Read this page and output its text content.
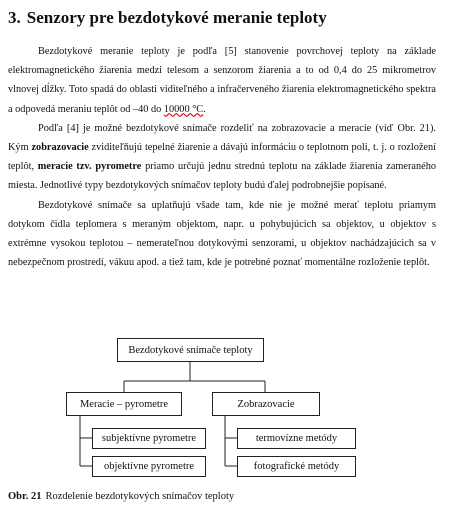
3. Senzory pre bezdotykové meranie teploty

Bezdotykové meranie teploty je podľa [5] stanovenie povrchovej teploty na základe elektromagnetického žiarenia medzi telesom a senzorom žiarenia a to od 0,4 do 25 mikrometrov vlnovej dĺžky. Toto spadá do oblasti viditeľného a infračerveného žiarenia elektromagnetického spektra a odpovedá meraniu teplôt od –40 do 10000 °C.

Podľa [4] je možné bezdotykové snímače rozdeliť na zobrazovacie a meracie (viď Obr. 21). Kým zobrazovacie zviditeľňujú tepelné žiarenie a dávajú informáciu o teplotnom poli, t. j. o rozložení teplôt, meracie tzv. pyrometre priamo určujú jednu strednú teplotu na základe žiarenia zameraného miesta. Jednotlivé typy bezdotykových snímačov teploty budú ďalej podrobnejšie popísané.

Bezdotykové snímače sa uplatňujú všade tam, kde nie je možné merať teplotu priamym dotykom čidla teplomera s meraným objektom, napr. u pohybujúcich sa objektov, u objektov s extrémne vysokou teplotou – nemerateľnou dotykovými senzorami, u objektov nachádzajúcich sa v nebezpečnom prostredí, vákuu apod. a tiež tam, kde je potrebné poznať momentálne rozloženie teplôt.

Bezdotykové snímače teploty
Meracie – pyrometre	Zobrazovacie
subjektívne pyrometre
objektívne pyrometre
termovízne metódy
fotografické metódy
Obr. 21 Rozdelenie bezdotykových snímačov teploty
